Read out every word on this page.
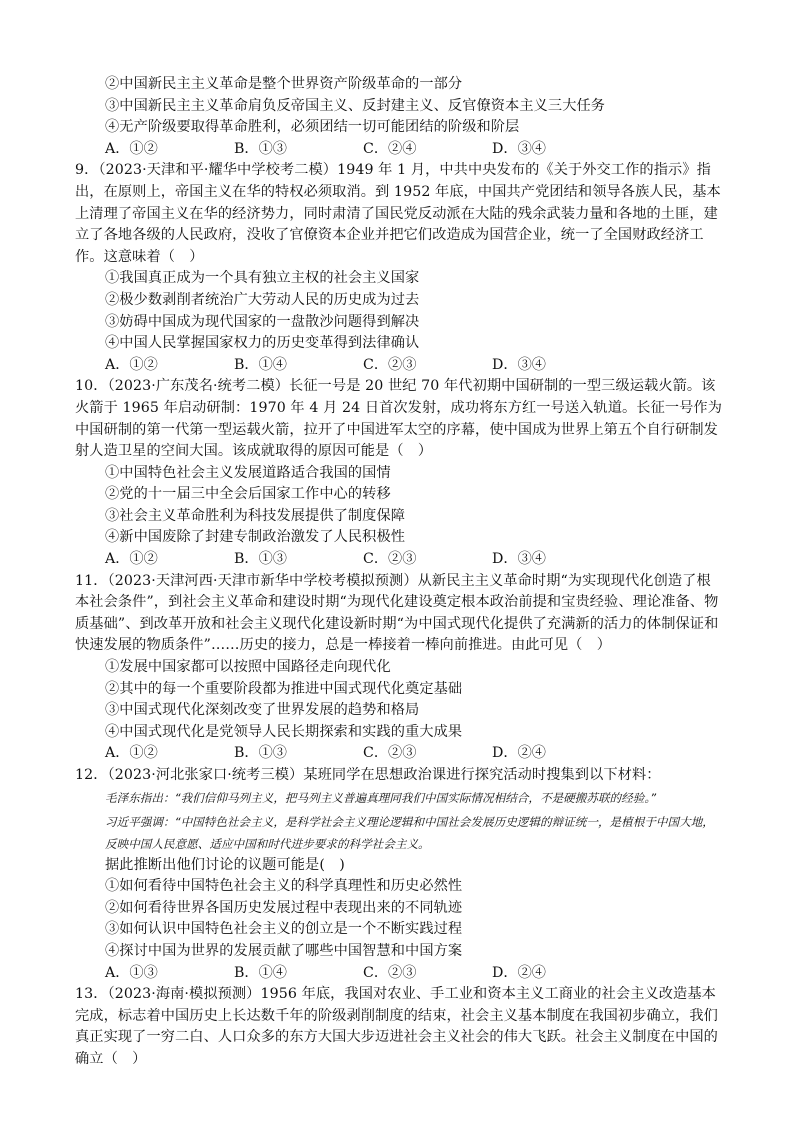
②中国新民主主义革命是整个世界资产阶级革命的一部分
③中国新民主主义革命肩负反帝国主义、反封建主义、反官僚资本主义三大任务
④无产阶级要取得革命胜利，必须团结一切可能团结的阶级和阶层
A．①②	B．①③	C．②④	D．③④
9．（2023·天津和平·耀华中学校考二模）1949 年 1 月，中共中央发布的《关于外交工作的指示》指出，在原则上，帝国主义在华的特权必须取消。到 1952 年底，中国共产党团结和领导各族人民，基本上清理了帝国主义在华的经济势力，同时肃清了国民党反动派在大陆的残余武装力量和各地的土匪，建立了各地各级的人民政府，没收了官僚资本企业并把它们改造成为国营企业，统一了全国财政经济工作。这意味着（　）
①我国真正成为一个具有独立主权的社会主义国家
②极少数剥削者统治广大劳动人民的历史成为过去
③妨碍中国成为现代国家的一盘散沙问题得到解决
④中国人民掌握国家权力的历史变革得到法律确认
A．①②	B．①④	C．②③	D．③④
10．（2023·广东茂名·统考二模）长征一号是 20 世纪 70 年代初期中国研制的一型三级运载火箭。该火箭于 1965 年启动研制：1970 年 4 月 24 日首次发射，成功将东方红一号送入轨道。长征一号作为中国研制的第一代第一型运载火箭，拉开了中国进军太空的序幕，使中国成为世界上第五个自行研制发射人造卫星的空间大国。该成就取得的原因可能是（　）
①中国特色社会主义发展道路适合我国的国情
②党的十一届三中全会后国家工作中心的转移
③社会主义革命胜利为科技发展提供了制度保障
④新中国废除了封建专制政治激发了人民积极性
A．①②	B．①③	C．②③	D．③④
11．（2023·天津河西·天津市新华中学校考模拟预测）从新民主主义革命时期“为实现现代化创造了根本社会条件”，到社会主义革命和建设时期“为现代化建设奠定根本政治前提和宝贵经验、理论准备、物质基础”、到改革开放和社会主义现代化建设新时期“为中国式现代化提供了充满新的活力的体制保证和快速发展的物质条件”……历史的接力，总是一棒接着一棒向前推进。由此可见（　）
①发展中国家都可以按照中国路径走向现代化
②其中的每一个重要阶段都为推进中国式现代化奠定基础
③中国式现代化深刻改变了世界发展的趋势和格局
④中国式现代化是党领导人民长期探索和实践的重大成果
A．①②	B．①③	C．②③	D．②④
12．（2023·河北张家口·统考三模）某班同学在思想政治课进行探究活动时搜集到以下材料：
毛泽东指出：“我们信仰马列主义，把马列主义普遍真理同我们中国实际情况相结合，不是硬搬苏联的经验。”
习近平强调：“中国特色社会主义，是科学社会主义理论逻辑和中国社会发展历史逻辑的辩证统一，是植根于中国大地，反映中国人民意愿、适应中国和时代进步要求的科学社会主义。
据此推断出他们讨论的议题可能是(　)
①如何看待中国特色社会主义的科学真理性和历史必然性
②如何看待世界各国历史发展过程中表现出来的不同轨迹
③如何认识中国特色社会主义的创立是一个不断实践过程
④探讨中国为世界的发展贡献了哪些中国智慧和中国方案
A．①③	B．①④	C．②③	D．②④
13．（2023·海南·模拟预测）1956 年底，我国对农业、手工业和资本主义工商业的社会主义改造基本完成，标志着中国历史上长达数千年的阶级剥削制度的结束，社会主义基本制度在我国初步确立，我们真正实现了一穷二白、人口众多的东方大国大步迈进社会主义社会的伟大飞跃。社会主义制度在中国的确立（　）
